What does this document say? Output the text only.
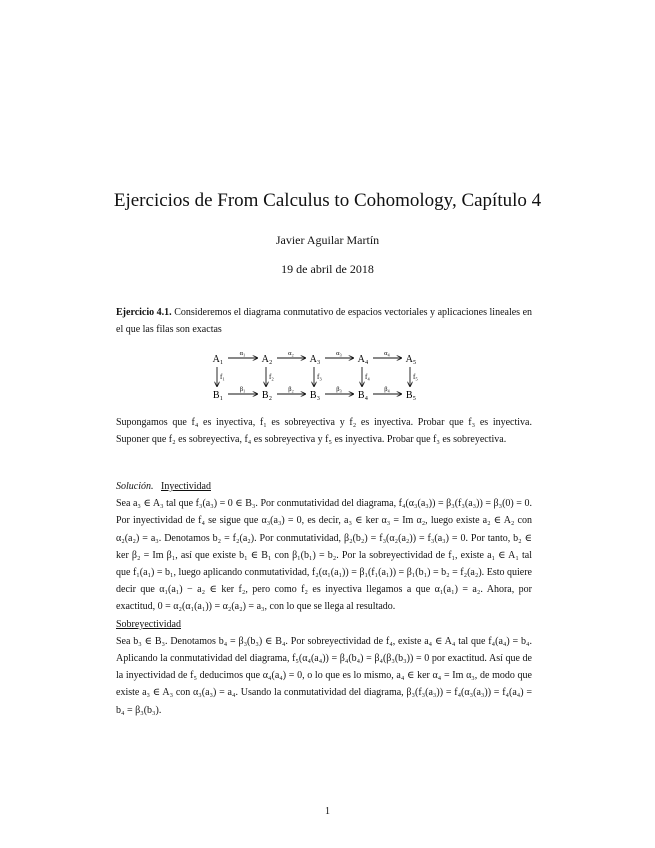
Ejercicios de From Calculus to Cohomology, Capítulo 4
Javier Aguilar Martín
19 de abril de 2018
Ejercicio 4.1. Consideremos el diagrama conmutativo de espacios vectoriales y aplicaciones lineales en el que las filas son exactas
A₁	A₂	A₃	A₄	A₅
B₁	B₂	B₃	B₄	B₅
α₁	α₂	α₃	α₄
β₁	β₂	β₃	β₄
f₁	f₂	f₃	f₄	f₅
Supongamos que f₄ es inyectiva, f₁ es sobreyectiva y f₂ es inyectiva. Probar que f₃ es inyectiva. Suponer que f₂ es sobreyectiva, f₄ es sobreyectiva y f₅ es inyectiva. Probar que f₃ es sobreyectiva.
Solución. Inyectividad
Sea a₃ ∈ A₃ tal que f₃(a₃) = 0 ∈ B₃. Por conmutatividad del diagrama, f₄(α₃(a₃)) = β₃(f₃(a₃)) = β₃(0) = 0. Por inyectividad de f₄ se sigue que α₃(a₃) = 0, es decir, a₃ ∈ ker α₃ = Im α₂, luego existe a₂ ∈ A₂ con α₂(a₂) = a₃. Denotamos b₂ = f₂(a₂). Por conmutatividad, β₂(b₂) = f₃(α₂(a₂)) = f₃(a₃) = 0. Por tanto, b₂ ∈ ker β₂ = Im β₁, así que existe b₁ ∈ B₁ con β₁(b₁) = b₂. Por la sobreyectividad de f₁, existe a₁ ∈ A₁ tal que f₁(a₁) = b₁, luego aplicando conmutatividad, f₂(α₁(a₁)) = β₁(f₁(a₁)) = β₁(b₁) = b₂ = f₂(a₂). Esto quiere decir que α₁(a₁) − a₂ ∈ ker f₂, pero como f₂ es inyectiva llegamos a que α₁(a₁) = a₂. Ahora, por exactitud, 0 = α₂(α₁(a₁)) = α₂(a₂) = a₃, con lo que se llega al resultado.
Sobreyectividad
Sea b₃ ∈ B₃. Denotamos b₄ = β₃(b₃) ∈ B₄. Por sobreyectividad de f₄, existe a₄ ∈ A₄ tal que f₄(a₄) = b₄. Aplicando la conmutatividad del diagrama, f₅(α₄(a₄)) = β₄(b₄) = β₄(β₃(b₃)) = 0 por exactitud. Así que de la inyectividad de f₅ deducimos que α₄(a₄) = 0, o lo que es lo mismo, a₄ ∈ ker α₄ = Im α₃, de modo que existe a₃ ∈ A₃ con α₃(a₃) = a₄. Usando la conmutatividad del diagrama, β₃(f₃(a₃)) = f₄(α₃(a₃)) = f₄(a₄) = b₄ = β₃(b₃).
1
